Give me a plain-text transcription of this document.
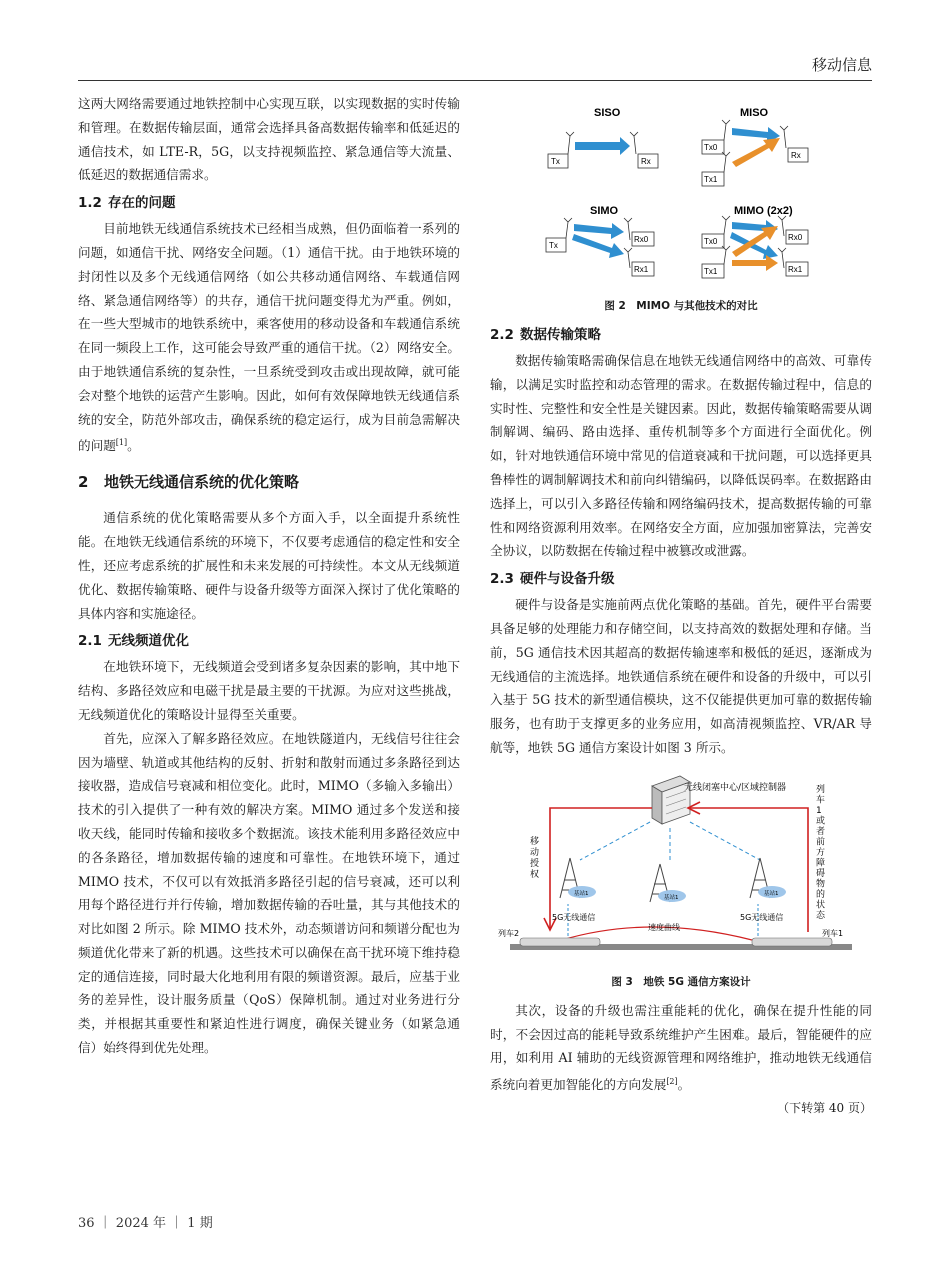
移动信息

这两大网络需要通过地铁控制中心实现互联，以实现数据的实时传输和管理。在数据传输层面，通常会选择具备高数据传输率和低延迟的通信技术，如 LTE-R，5G，以支持视频监控、紧急通信等大流量、低延迟的数据通信需求。

1.2 存在的问题

目前地铁无线通信系统技术已经相当成熟，但仍面临着一系列的问题，如通信干扰、网络安全问题。（1）通信干扰。由于地铁环境的封闭性以及多个无线通信网络（如公共移动通信网络、车载通信网络、紧急通信网络等）的共存，通信干扰问题变得尤为严重。例如，在一些大型城市的地铁系统中，乘客使用的移动设备和车载通信系统在同一频段上工作，这可能会导致严重的通信干扰。（2）网络安全。由于地铁通信系统的复杂性，一旦系统受到攻击或出现故障，就可能会对整个地铁的运营产生影响。因此，如何有效保障地铁无线通信系统的安全，防范外部攻击，确保系统的稳定运行，成为目前急需解决的问题[1]。

2 地铁无线通信系统的优化策略

通信系统的优化策略需要从多个方面入手，以全面提升系统性能。在地铁无线通信系统的环境下，不仅要考虑通信的稳定性和安全性，还应考虑系统的扩展性和未来发展的可持续性。本文从无线频道优化、数据传输策略、硬件与设备升级等方面深入探讨了优化策略的具体内容和实施途径。

2.1 无线频道优化

在地铁环境下，无线频道会受到诸多复杂因素的影响，其中地下结构、多路径效应和电磁干扰是最主要的干扰源。为应对这些挑战，无线频道优化的策略设计显得至关重要。

首先，应深入了解多路径效应。在地铁隧道内，无线信号往往会因为墙壁、轨道或其他结构的反射、折射和散射而通过多条路径到达接收器，造成信号衰减和相位变化。此时，MIMO（多输入多输出）技术的引入提供了一种有效的解决方案。MIMO 通过多个发送和接收天线，能同时传输和接收多个数据流。该技术能利用多路径效应中的各条路径，增加数据传输的速度和可靠性。在地铁环境下，通过 MIMO 技术，不仅可以有效抵消多路径引起的信号衰减，还可以利用每个路径进行并行传输，增加数据传输的吞吐量，其与其他技术的对比如图 2 所示。除 MIMO 技术外，动态频谱访问和频谱分配也为频道优化带来了新的机遇。这些技术可以确保在高干扰环境下维持稳定的通信连接，同时最大化地利用有限的频谱资源。最后，应基于业务的差异性，设计服务质量（QoS）保障机制。通过对业务进行分类，并根据其重要性和紧迫性进行调度，确保关键业务（如紧急通信）始终得到优先处理。

SISO
Tx	Rx
MISO
Tx0
Tx1
Rx
SIMO
Tx
Rx0
Rx1
MIMO (2x2)
Tx0
Tx1
Rx0
Rx1
图 2　MIMO 与其他技术的对比
2.2 数据传输策略

数据传输策略需确保信息在地铁无线通信网络中的高效、可靠传输，以满足实时监控和动态管理的需求。在数据传输过程中，信息的实时性、完整性和安全性是关键因素。因此，数据传输策略需要从调制解调、编码、路由选择、重传机制等多个方面进行全面优化。例如，针对地铁通信环境中常见的信道衰减和干扰问题，可以选择更具鲁棒性的调制解调技术和前向纠错编码，以降低误码率。在数据路由选择上，可以引入多路径传输和网络编码技术，提高数据传输的可靠性和网络资源利用效率。在网络安全方面，应加强加密算法，完善安全协议，以防数据在传输过程中被篡改或泄露。

2.3 硬件与设备升级

硬件与设备是实施前两点优化策略的基础。首先，硬件平台需要具备足够的处理能力和存储空间，以支持高效的数据处理和存储。当前，5G 通信技术因其超高的数据传输速率和极低的延迟，逐渐成为无线通信的主流选择。地铁通信系统在硬件和设备的升级中，可以引入基于 5G 技术的新型通信模块，这不仅能提供更加可靠的数据传输服务，也有助于支撑更多的业务应用，如高清视频监控、VR/AR 导航等，地铁 5G 通信方案设计如图 3 所示。

无线闭塞中心/区域控制器
移动授权
列车 1 或者前方障碍物的状态
基站1
基站1
基站1
5G无线通信	5G无线通信
速度曲线
列车2	列车1
图 3　地铁 5G 通信方案设计

其次，设备的升级也需注重能耗的优化，确保在提升性能的同时，不会因过高的能耗导致系统维护产生困难。最后，智能硬件的应用，如利用 AI 辅助的无线资源管理和网络维护，推动地铁无线通信系统向着更加智能化的方向发展[2]。

（下转第 40 页）
36 ｜ 2024 年 ｜ 1 期
